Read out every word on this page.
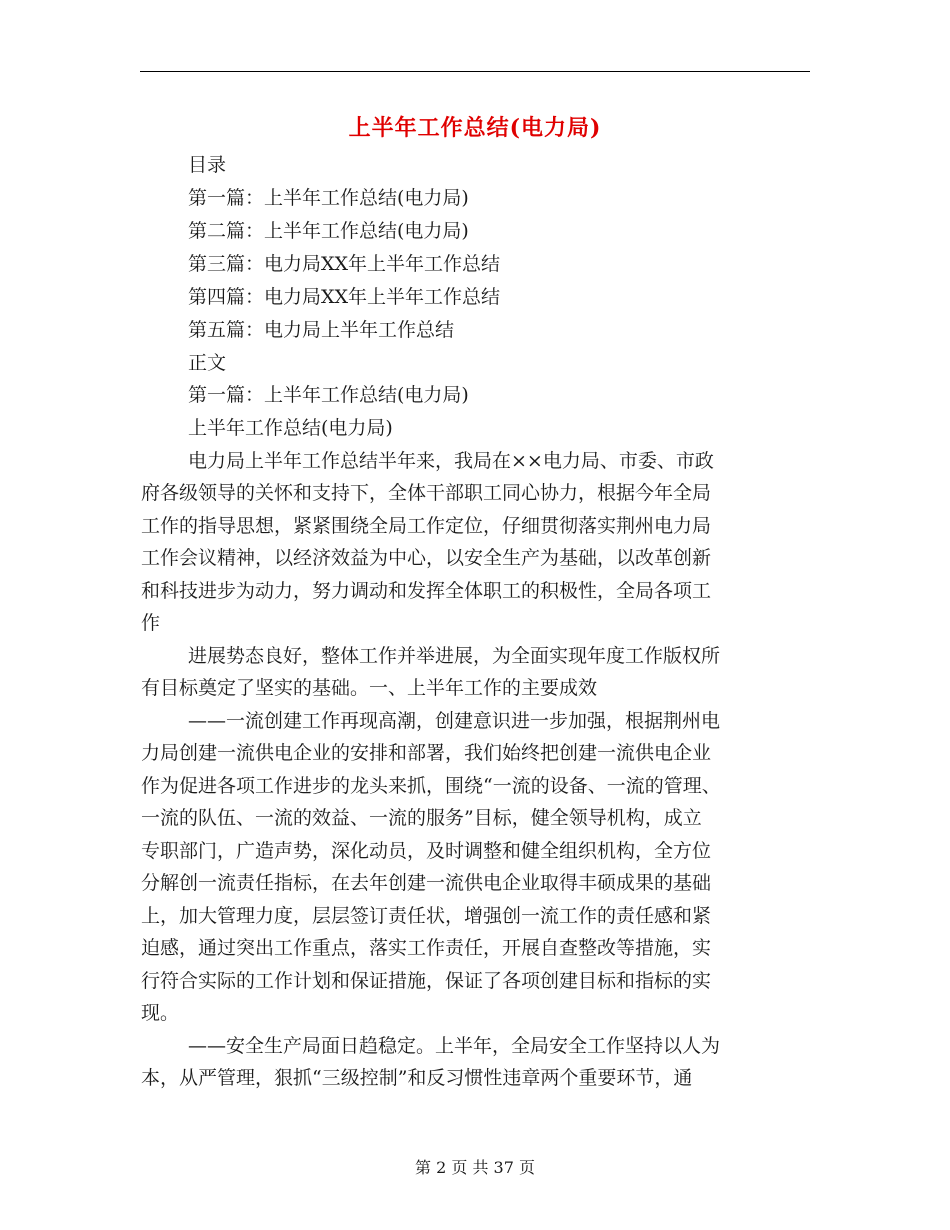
上半年工作总结(电力局)
目录
第一篇：上半年工作总结(电力局)
第二篇：上半年工作总结(电力局)
第三篇：电力局XX年上半年工作总结
第四篇：电力局XX年上半年工作总结
第五篇：电力局上半年工作总结
正文
第一篇：上半年工作总结(电力局)
上半年工作总结(电力局)
电力局上半年工作总结半年来，我局在××电力局、市委、市政
府各级领导的关怀和支持下，全体干部职工同心协力，根据今年全局
工作的指导思想，紧紧围绕全局工作定位，仔细贯彻落实荆州电力局
工作会议精神，以经济效益为中心，以安全生产为基础，以改革创新
和科技进步为动力，努力调动和发挥全体职工的积极性，全局各项工
作
进展势态良好，整体工作并举进展，为全面实现年度工作版权所
有目标奠定了坚实的基础。一、上半年工作的主要成效
——一流创建工作再现高潮，创建意识进一步加强，根据荆州电
力局创建一流供电企业的安排和部署，我们始终把创建一流供电企业
作为促进各项工作进步的龙头来抓，围绕“一流的设备、一流的管理、
一流的队伍、一流的效益、一流的服务”目标，健全领导机构，成立
专职部门，广造声势，深化动员，及时调整和健全组织机构，全方位
分解创一流责任指标，在去年创建一流供电企业取得丰硕成果的基础
上，加大管理力度，层层签订责任状，增强创一流工作的责任感和紧
迫感，通过突出工作重点，落实工作责任，开展自查整改等措施，实
行符合实际的工作计划和保证措施，保证了各项创建目标和指标的实
现。
——安全生产局面日趋稳定。上半年，全局安全工作坚持以人为
本，从严管理，狠抓“三级控制”和反习惯性违章两个重要环节，通
第 2 页 共 37 页
